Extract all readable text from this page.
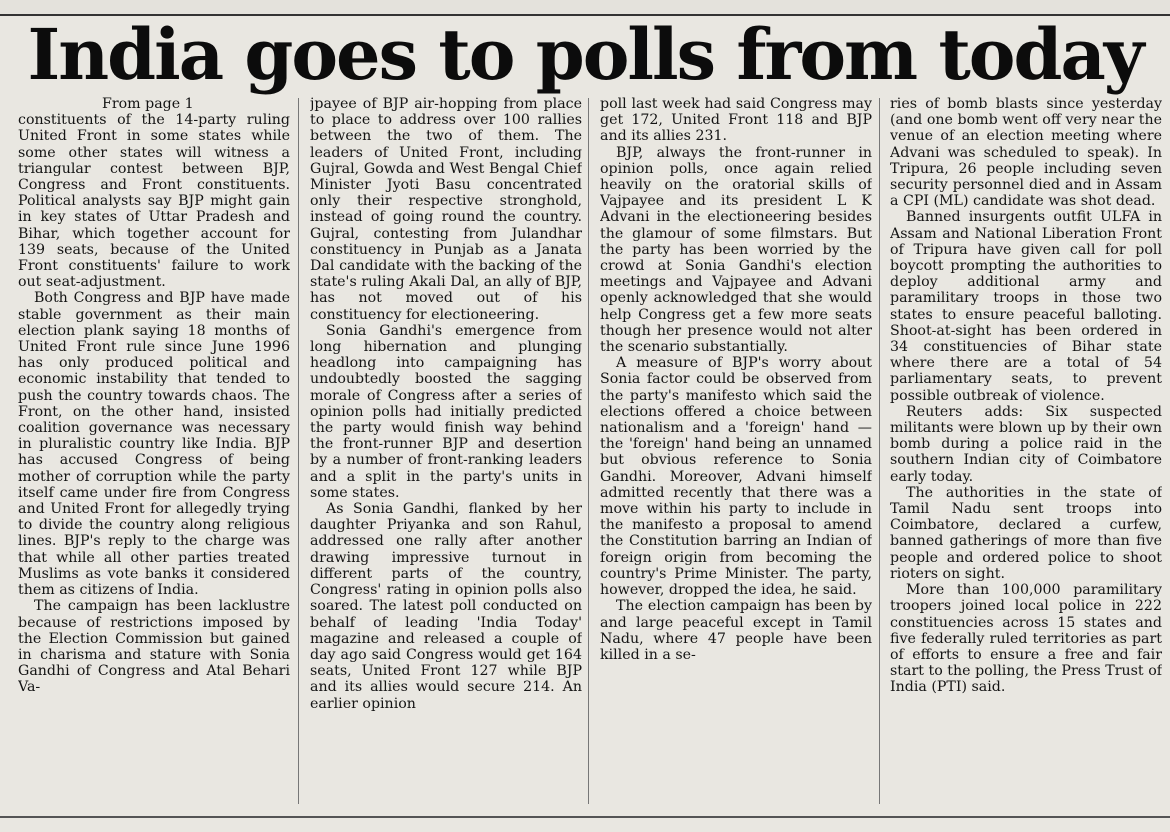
India goes to polls from today

From page 1

constituents of the 14-party ruling United Front in some states while some other states will witness a triangular contest between BJP, Congress and Front constituents. Political analysts say BJP might gain in key states of Uttar Pradesh and Bihar, which together account for 139 seats, because of the United Front constituents' failure to work out seat-adjustment.

Both Congress and BJP have made stable government as their main election plank saying 18 months of United Front rule since June 1996 has only produced political and economic instability that tended to push the country towards chaos. The Front, on the other hand, insisted coalition governance was necessary in pluralistic country like India. BJP has accused Congress of being mother of corruption while the party itself came under fire from Congress and United Front for allegedly trying to divide the country along religious lines. BJP's reply to the charge was that while all other parties treated Muslims as vote banks it considered them as citizens of India.

The campaign has been lacklustre because of restrictions imposed by the Election Commission but gained in charisma and stature with Sonia Gandhi of Congress and Atal Behari Va-

jpayee of BJP air-hopping from place to place to address over 100 rallies between the two of them. The leaders of United Front, including Gujral, Gowda and West Bengal Chief Minister Jyoti Basu concentrated only their respective stronghold, instead of going round the country. Gujral, contesting from Julandhar constituency in Punjab as a Janata Dal candidate with the backing of the state's ruling Akali Dal, an ally of BJP, has not moved out of his constituency for electioneering.

Sonia Gandhi's emergence from long hibernation and plunging headlong into campaigning has undoubtedly boosted the sagging morale of Congress after a series of opinion polls had initially predicted the party would finish way behind the front-runner BJP and desertion by a number of front-ranking leaders and a split in the party's units in some states.

As Sonia Gandhi, flanked by her daughter Priyanka and son Rahul, addressed one rally after another drawing impressive turnout in different parts of the country, Congress' rating in opinion polls also soared. The latest poll conducted on behalf of leading 'India Today' magazine and released a couple of day ago said Congress would get 164 seats, United Front 127 while BJP and its allies would secure 214. An earlier opinion

poll last week had said Congress may get 172, United Front 118 and BJP and its allies 231.

BJP, always the front-runner in opinion polls, once again relied heavily on the oratorial skills of Vajpayee and its president L K Advani in the electioneering besides the glamour of some filmstars. But the party has been worried by the crowd at Sonia Gandhi's election meetings and Vajpayee and Advani openly acknowledged that she would help Congress get a few more seats though her presence would not alter the scenario substantially.

A measure of BJP's worry about Sonia factor could be observed from the party's manifesto which said the elections offered a choice between nationalism and a 'foreign' hand — the 'foreign' hand being an unnamed but obvious reference to Sonia Gandhi. Moreover, Advani himself admitted recently that there was a move within his party to include in the manifesto a proposal to amend the Constitution barring an Indian of foreign origin from becoming the country's Prime Minister. The party, however, dropped the idea, he said.

The election campaign has been by and large peaceful except in Tamil Nadu, where 47 people have been killed in a se-

ries of bomb blasts since yesterday (and one bomb went off very near the venue of an election meeting where Advani was scheduled to speak). In Tripura, 26 people including seven security personnel died and in Assam a CPI (ML) candidate was shot dead.

Banned insurgents outfit ULFA in Assam and National Liberation Front of Tripura have given call for poll boycott prompting the authorities to deploy additional army and paramilitary troops in those two states to ensure peaceful balloting. Shoot-at-sight has been ordered in 34 constituencies of Bihar state where there are a total of 54 parliamentary seats, to prevent possible outbreak of violence.

Reuters adds: Six suspected militants were blown up by their own bomb during a police raid in the southern Indian city of Coimbatore early today.

The authorities in the state of Tamil Nadu sent troops into Coimbatore, declared a curfew, banned gatherings of more than five people and ordered police to shoot rioters on sight.

More than 100,000 paramilitary troopers joined local police in 222 constituencies across 15 states and five federally ruled territories as part of efforts to ensure a free and fair start to the polling, the Press Trust of India (PTI) said.
